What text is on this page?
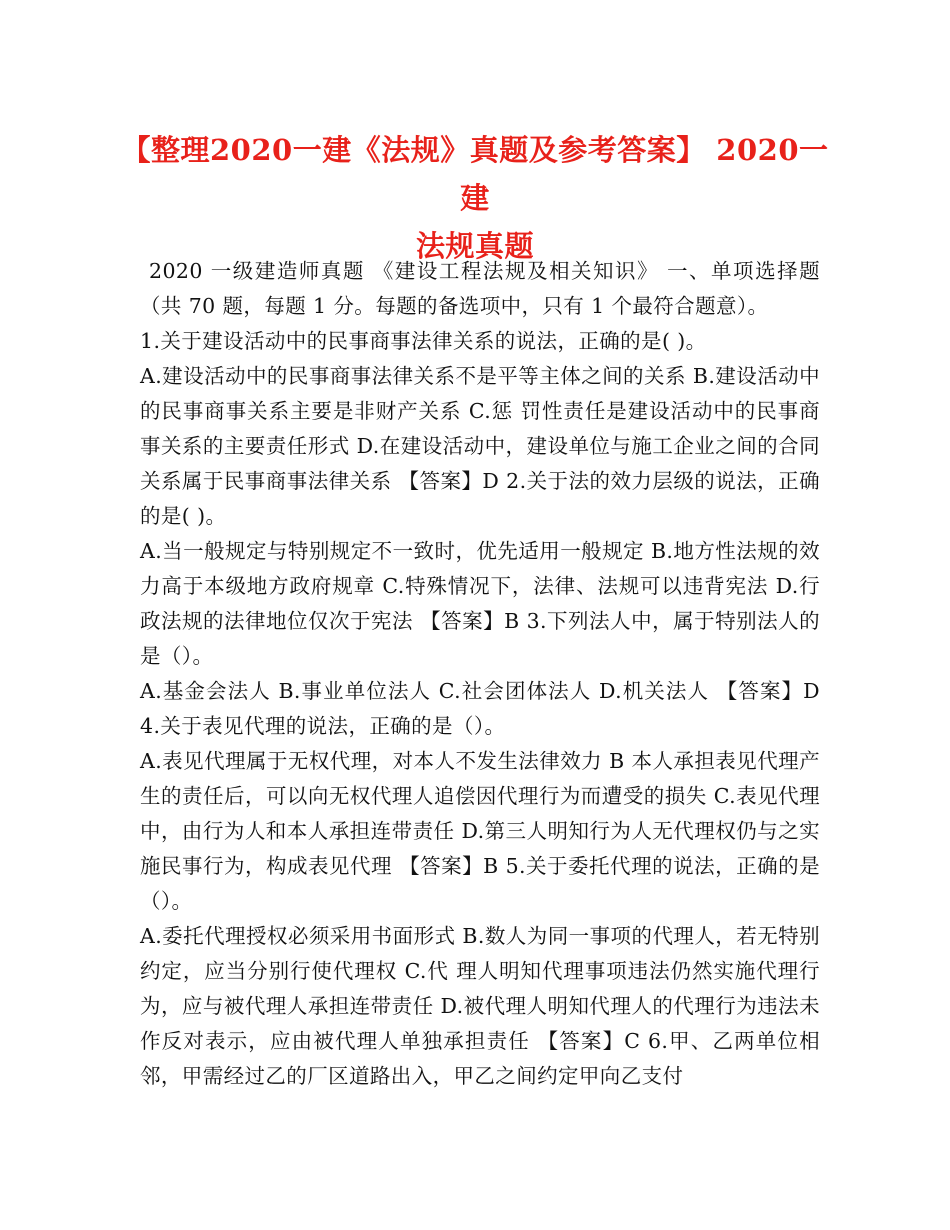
【整理2020一建《法规》真题及参考答案】 2020一建
法规真题

2020 一级建造师真题 《建设工程法规及相关知识》 一、单项选择题（共 70 题，每题 1 分。每题的备选项中，只有 1 个最符合题意）。

1.关于建设活动中的民事商事法律关系的说法，正确的是( )。

A.建设活动中的民事商事法律关系不是平等主体之间的关系 B.建设活动中的民事商事关系主要是非财产关系 C.惩 罚性责任是建设活动中的民事商事关系的主要责任形式 D.在建设活动中，建设单位与施工企业之间的合同关系属于民事商事法律关系 【答案】D 2.关于法的效力层级的说法，正确的是( )。

A.当一般规定与特别规定不一致时，优先适用一般规定 B.地方性法规的效力高于本级地方政府规章 C.特殊情况下，法律、法规可以违背宪法 D.行政法规的法律地位仅次于宪法 【答案】B 3.下列法人中，属于特别法人的是（）。

A.基金会法人 B.事业单位法人 C.社会团体法人 D.机关法人 【答案】D 4.关于表见代理的说法，正确的是（）。

A.表见代理属于无权代理，对本人不发生法律效力 B 本人承担表见代理产生的责任后，可以向无权代理人追偿因代理行为而遭受的损失 C.表见代理中，由行为人和本人承担连带责任 D.第三人明知行为人无代理权仍与之实施民事行为，构成表见代理 【答案】B 5.关于委托代理的说法，正确的是（）。

A.委托代理授权必须采用书面形式 B.数人为同一事项的代理人，若无特别约定，应当分别行使代理权 C.代 理人明知代理事项违法仍然实施代理行为，应与被代理人承担连带责任 D.被代理人明知代理人的代理行为违法未作反对表示，应由被代理人单独承担责任 【答案】C 6.甲、乙两单位相邻，甲需经过乙的厂区道路出入，甲乙之间约定甲向乙支付
